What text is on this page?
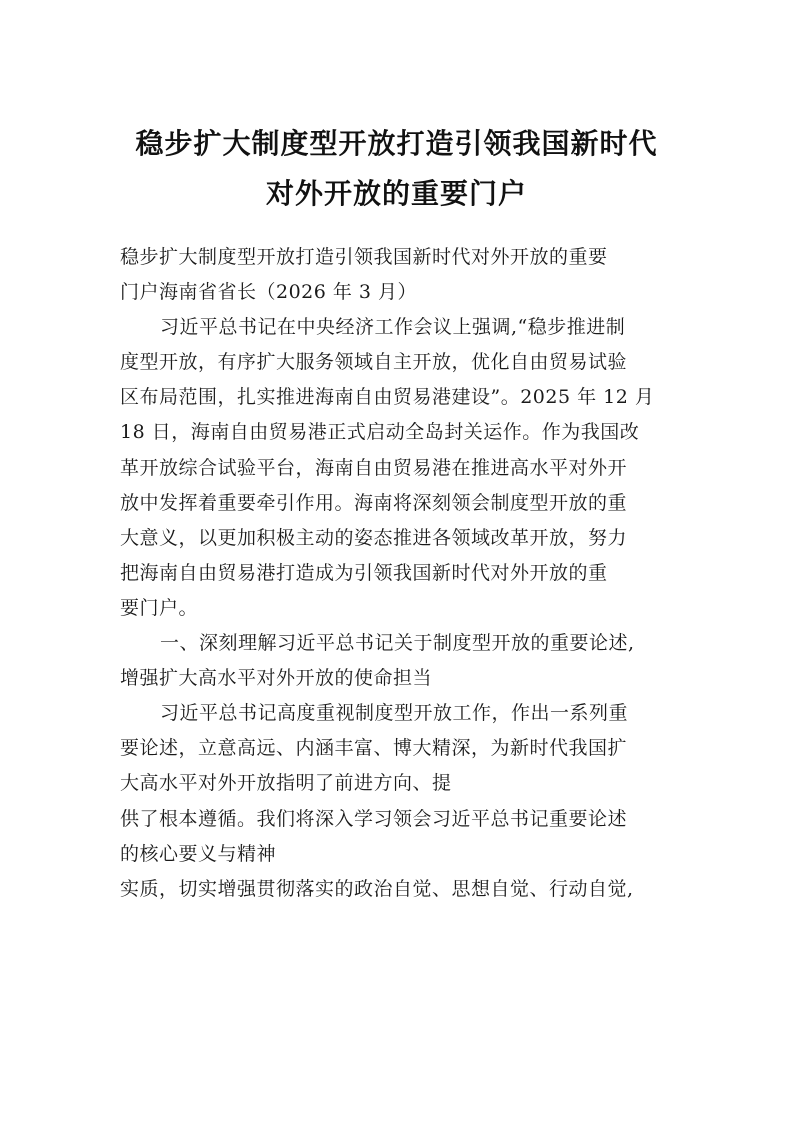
稳步扩大制度型开放打造引领我国新时代
对外开放的重要门户
稳步扩大制度型开放打造引领我国新时代对外开放的重要
门户海南省省长（2026 年 3 月）
习近平总书记在中央经济工作会议上强调,“稳步推进制
度型开放，有序扩大服务领域自主开放，优化自由贸易试验
区布局范围，扎实推进海南自由贸易港建设”。2025 年 12 月
18 日，海南自由贸易港正式启动全岛封关运作。作为我国改
革开放综合试验平台，海南自由贸易港在推进高水平对外开
放中发挥着重要牵引作用。海南将深刻领会制度型开放的重
大意义，以更加积极主动的姿态推进各领域改革开放，努力
把海南自由贸易港打造成为引领我国新时代对外开放的重
要门户。
一、深刻理解习近平总书记关于制度型开放的重要论述,
增强扩大高水平对外开放的使命担当
习近平总书记高度重视制度型开放工作，作出一系列重
要论述，立意高远、内涵丰富、博大精深，为新时代我国扩
大高水平对外开放指明了前进方向、提
供了根本遵循。我们将深入学习领会习近平总书记重要论述
的核心要义与精神
实质，切实增强贯彻落实的政治自觉、思想自觉、行动自觉,
